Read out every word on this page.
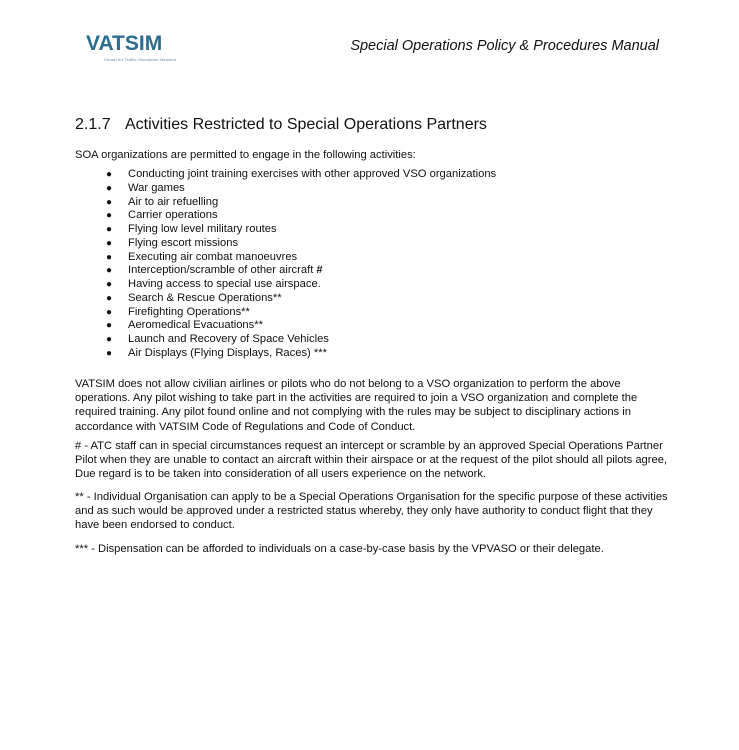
VATSIM
Virtual Air Traffic Simulation Network
Special Operations Policy & Procedures Manual
2.1.7 Activities Restricted to Special Operations Partners
SOA organizations are permitted to engage in the following activities:
● Conducting joint training exercises with other approved VSO organizations
● War games
● Air to air refuelling
● Carrier operations
● Flying low level military routes
● Flying escort missions
● Executing air combat manoeuvres
● Interception/scramble of other aircraft #
● Having access to special use airspace.
● Search & Rescue Operations**
● Firefighting Operations**
● Aeromedical Evacuations**
● Launch and Recovery of Space Vehicles
● Air Displays (Flying Displays, Races) ***

VATSIM does not allow civilian airlines or pilots who do not belong to a VSO organization to perform the above operations. Any pilot wishing to take part in the activities are required to join a VSO organization and complete the required training. Any pilot found online and not complying with the rules may be subject to disciplinary actions in accordance with VATSIM Code of Regulations and Code of Conduct.

# - ATC staff can in special circumstances request an intercept or scramble by an approved Special Operations Partner Pilot when they are unable to contact an aircraft within their airspace or at the request of the pilot should all pilots agree, Due regard is to be taken into consideration of all users experience on the network.

** - Individual Organisation can apply to be a Special Operations Organisation for the specific purpose of these activities and as such would be approved under a restricted status whereby, they only have authority to conduct flight that they have been endorsed to conduct.

*** - Dispensation can be afforded to individuals on a case-by-case basis by the VPVASO or their delegate.
